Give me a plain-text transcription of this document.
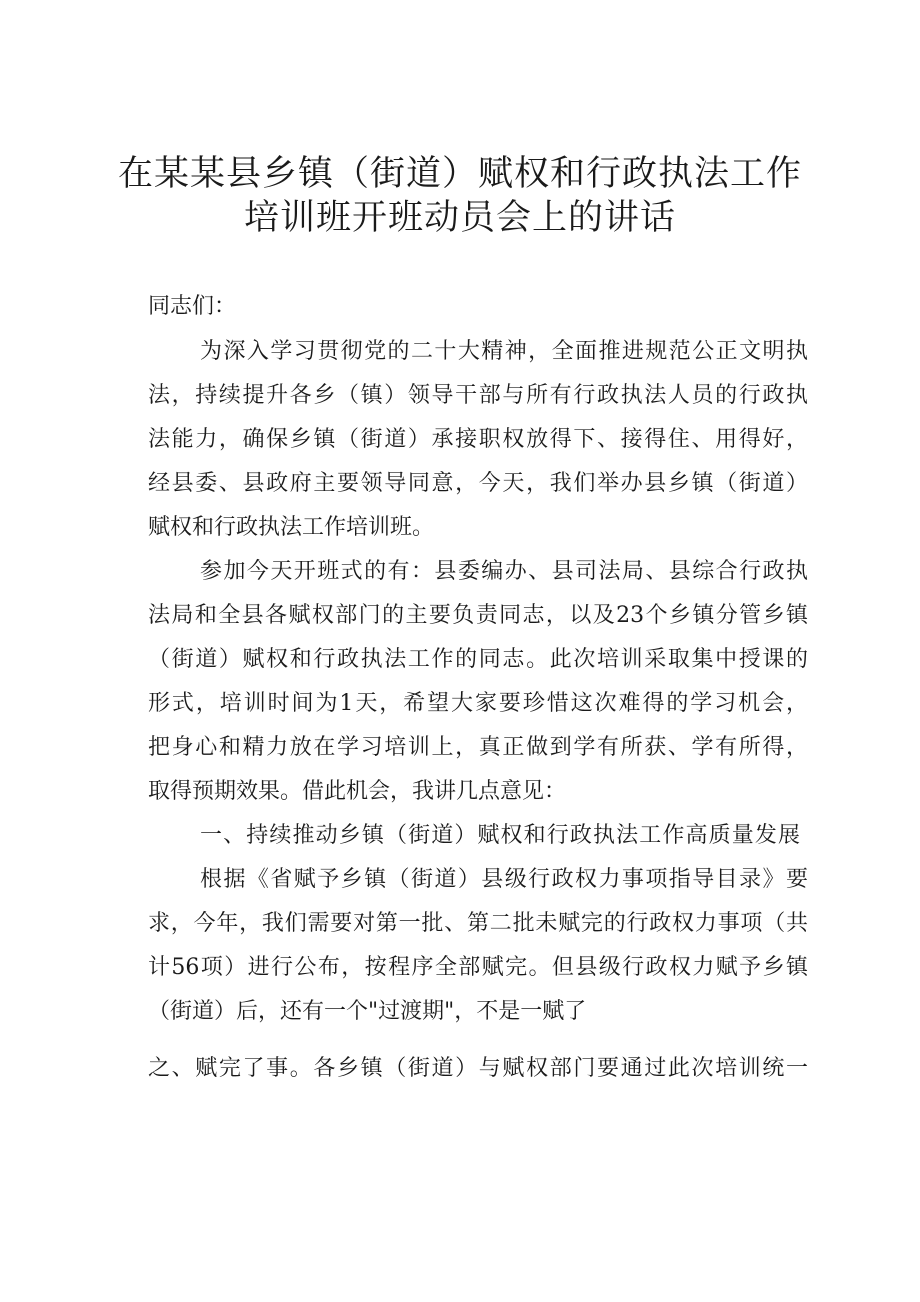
在某某县乡镇（街道）赋权和行政执法工作
培训班开班动员会上的讲话
同志们：
为深入学习贯彻党的二十大精神，全面推进规范公正文明执
法，持续提升各乡（镇）领导干部与所有行政执法人员的行政执
法能力，确保乡镇（街道）承接职权放得下、接得住、用得好，
经县委、县政府主要领导同意，今天，我们举办县乡镇（街道）
赋权和行政执法工作培训班。
参加今天开班式的有：县委编办、县司法局、县综合行政执
法局和全县各赋权部门的主要负责同志，以及23个乡镇分管乡镇
（街道）赋权和行政执法工作的同志。此次培训采取集中授课的
形式，培训时间为1天，希望大家要珍惜这次难得的学习机会，
把身心和精力放在学习培训上，真正做到学有所获、学有所得，
取得预期效果。借此机会，我讲几点意见：
一、持续推动乡镇（街道）赋权和行政执法工作高质量发展
根据《省赋予乡镇（街道）县级行政权力事项指导目录》要
求，今年，我们需要对第一批、第二批未赋完的行政权力事项（共
计56项）进行公布，按程序全部赋完。但县级行政权力赋予乡镇
（街道）后，还有一个"过渡期"，不是一赋了
之、赋完了事。各乡镇（街道）与赋权部门要通过此次培训统一
